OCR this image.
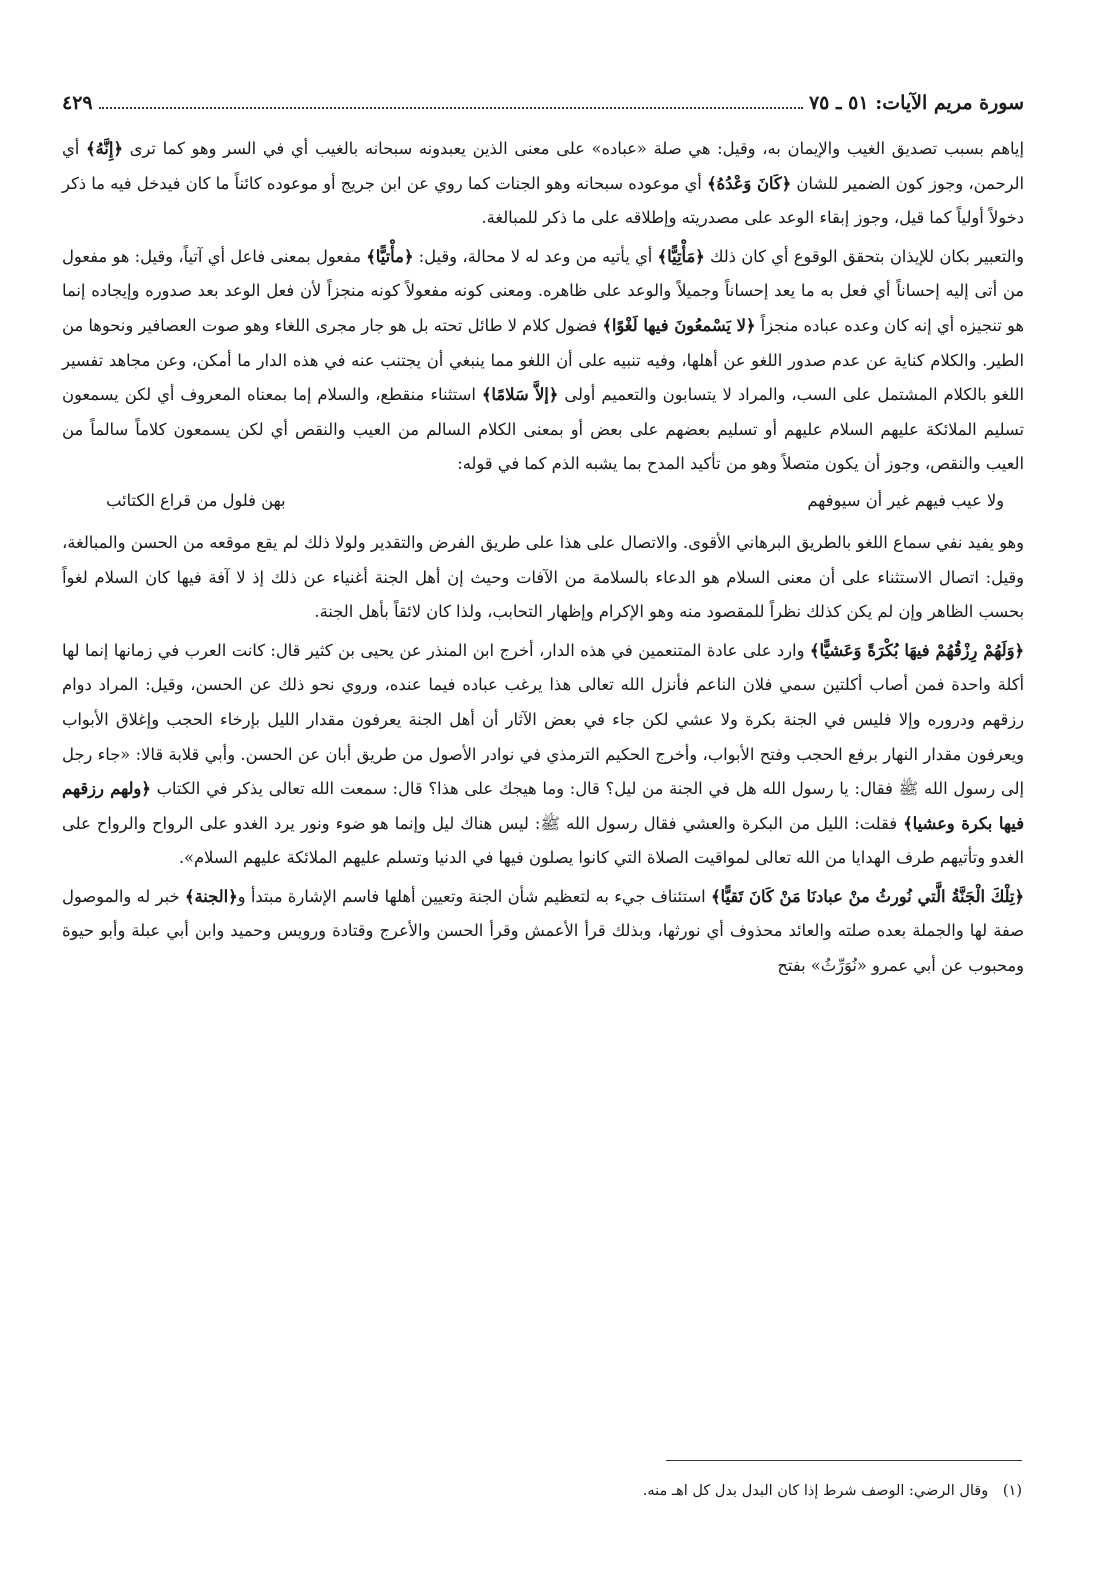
سورة مريم الآيات: ٥١ ـ ٧٥
٤٢٩

إياهم بسبب تصديق الغيب والإيمان به، وقيل: هي صلة «عباده» على معنى الذين يعبدونه سبحانه بالغيب أي في السر وهو كما ترى ﴿إِنَّهُ﴾ أي الرحمن، وجوز كون الضمير للشان ﴿كَانَ وَعْدُهُ﴾ أي موعوده سبحانه وهو الجنات كما روي عن ابن جريج أو موعوده كائناً ما كان فيدخل فيه ما ذكر دخولاً أولياً كما قيل، وجوز إبقاء الوعد على مصدريته وإطلاقه على ما ذكر للمبالغة.

والتعبير بكان للإيذان بتحقق الوقوع أي كان ذلك ﴿مَأْتِيًّا﴾ أي يأتيه من وعد له لا محالة، وقيل: ﴿مأْتيًّا﴾ مفعول بمعنى فاعل أي آتياً، وقيل: هو مفعول من أتى إليه إحساناً أي فعل به ما يعد إحساناً وجميلاً والوعد على ظاهره. ومعنى كونه مفعولاً كونه منجزاً لأن فعل الوعد بعد صدوره وإيجاده إنما هو تنجيزه أي إنه كان وعده عباده منجزاً ﴿لا يَسْمعُونَ فيها لَغْوًا﴾ فضول كلام لا طائل تحته بل هو جار مجرى اللغاء وهو صوت العصافير ونحوها من الطير. والكلام كناية عن عدم صدور اللغو عن أهلها، وفيه تنبيه على أن اللغو مما ينبغي أن يجتنب عنه في هذه الدار ما أمكن، وعن مجاهد تفسير اللغو بالكلام المشتمل على السب، والمراد لا يتسابون والتعميم أولى ﴿إلاَّ سَلامًا﴾ استثناء منقطع، والسلام إما بمعناه المعروف أي لكن يسمعون تسليم الملائكة عليهم السلام عليهم أو تسليم بعضهم على بعض أو بمعنى الكلام السالم من العيب والنقص أي لكن يسمعون كلاماً سالماً من العيب والنقص، وجوز أن يكون متصلاً وهو من تأكيد المدح بما يشبه الذم كما في قوله:

ولا عيب فيهم غير أن سيوفهم
بهن فلول من قراع الكتائب

وهو يفيد نفي سماع اللغو بالطريق البرهاني الأقوى. والاتصال على هذا على طريق الفرض والتقدير ولولا ذلك لم يقع موقعه من الحسن والمبالغة، وقيل: اتصال الاستثناء على أن معنى السلام هو الدعاء بالسلامة من الآفات وحيث إن أهل الجنة أغنياء عن ذلك إذ لا آفة فيها كان السلام لغواً بحسب الظاهر وإن لم يكن كذلك نظراً للمقصود منه وهو الإكرام وإظهار التحابب، ولذا كان لائقاً بأهل الجنة.

﴿وَلَهُمْ رِزْقُهُمْ فيهَا بُكْرَةً وَعَشيًّا﴾ وارد على عادة المتنعمين في هذه الدار، أخرج ابن المنذر عن يحيى بن كثير قال: كانت العرب في زمانها إنما لها أكلة واحدة فمن أصاب أكلتين سمي فلان الناعم فأنزل الله تعالى هذا يرغب عباده فيما عنده، وروي نحو ذلك عن الحسن، وقيل: المراد دوام رزقهم ودروره وإلا فليس في الجنة بكرة ولا عشي لكن جاء في بعض الآثار أن أهل الجنة يعرفون مقدار الليل بإرخاء الحجب وإغلاق الأبواب ويعرفون مقدار النهار برفع الحجب وفتح الأبواب، وأخرج الحكيم الترمذي في نوادر الأصول من طريق أبان عن الحسن. وأبي قلابة قالا: «جاء رجل إلى رسول الله ﷺ فقال: يا رسول الله هل في الجنة من ليل؟ قال: وما هيجك على هذا؟ قال: سمعت الله تعالى يذكر في الكتاب ﴿ولهم رزقهم فيها بكرة وعشيا﴾ فقلت: الليل من البكرة والعشي فقال رسول الله ﷺ: ليس هناك ليل وإنما هو ضوء ونور يرد الغدو على الرواح والرواح على الغدو وتأتيهم طرف الهدايا من الله تعالى لمواقيت الصلاة التي كانوا يصلون فيها في الدنيا وتسلم عليهم الملائكة عليهم السلام».

﴿تِلْكَ الْجَنَّةُ الَّتي نُورثُ منْ عبادنَا مَنْ كَانَ تَقيًّا﴾ استئناف جيء به لتعظيم شأن الجنة وتعيين أهلها فاسم الإشارة مبتدأ و﴿الجنة﴾ خبر له والموصول صفة لها والجملة بعده صلته والعائد محذوف أي نورثها، وبذلك قرأ الأعمش وقرأ الحسن والأعرج وقتادة ورويس وحميد وابن أبي عبلة وأبو حيوة ومحبوب عن أبي عمرو «نُوَرِّثُ» بفتح

(١) وقال الرضي: الوصف شرط إذا كان البدل بدل كل اهـ منه.
